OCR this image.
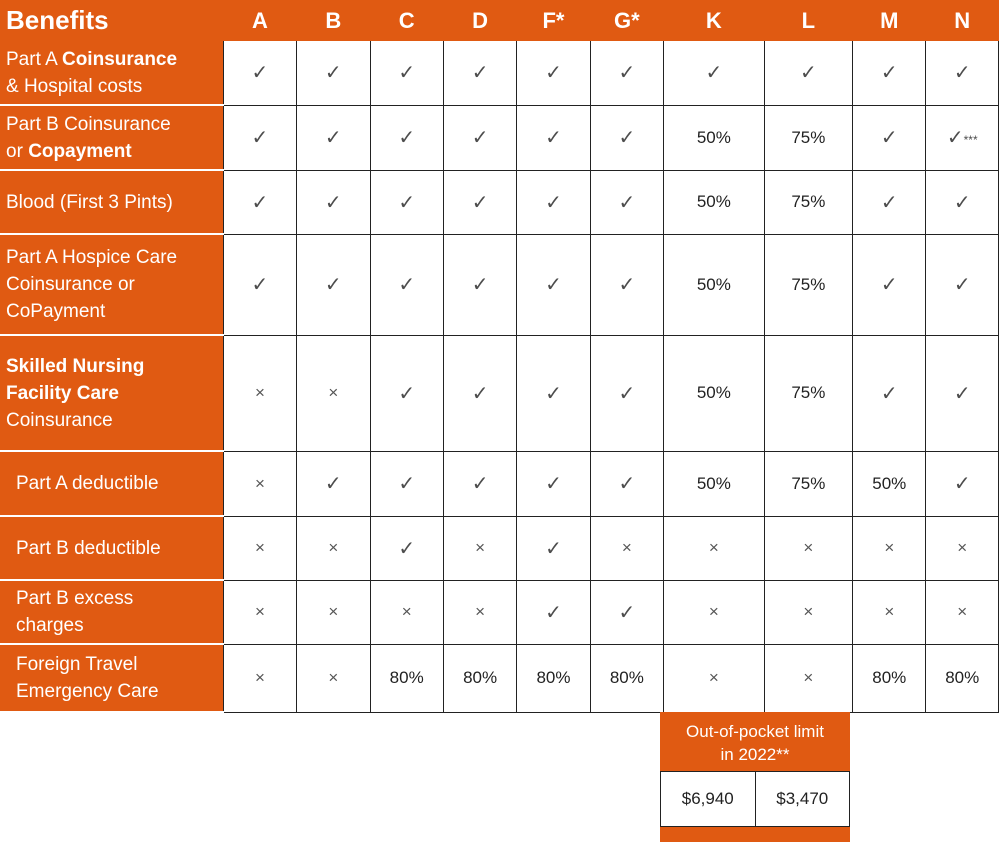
Benefits	A	B	C	D	F*	G*	K	L	M	N
Part A Coinsurance
& Hospital costs	✓	✓	✓	✓	✓	✓	✓	✓	✓	✓
Part B Coinsurance
or Copayment	✓	✓	✓	✓	✓	✓	50%	75%	✓	✓***
Blood (First 3 Pints)	✓	✓	✓	✓	✓	✓	50%	75%	✓	✓
Part A Hospice Care
Coinsurance or
CoPayment	✓	✓	✓	✓	✓	✓	50%	75%	✓	✓
Skilled Nursing
Facility Care
Coinsurance	×	×	✓	✓	✓	✓	50%	75%	✓	✓
Part A deductible	×	✓	✓	✓	✓	✓	50%	75%	50%	✓
Part B deductible	×	×	✓	×	✓	×	×	×	×	×
Part B excess
charges	×	×	×	×	✓	✓	×	×	×	×
Foreign Travel
Emergency Care	×	×	80%	80%	80%	80%	×	×	80%	80%
Out-of-pocket limit
in 2022**
$6,940	$3,470
